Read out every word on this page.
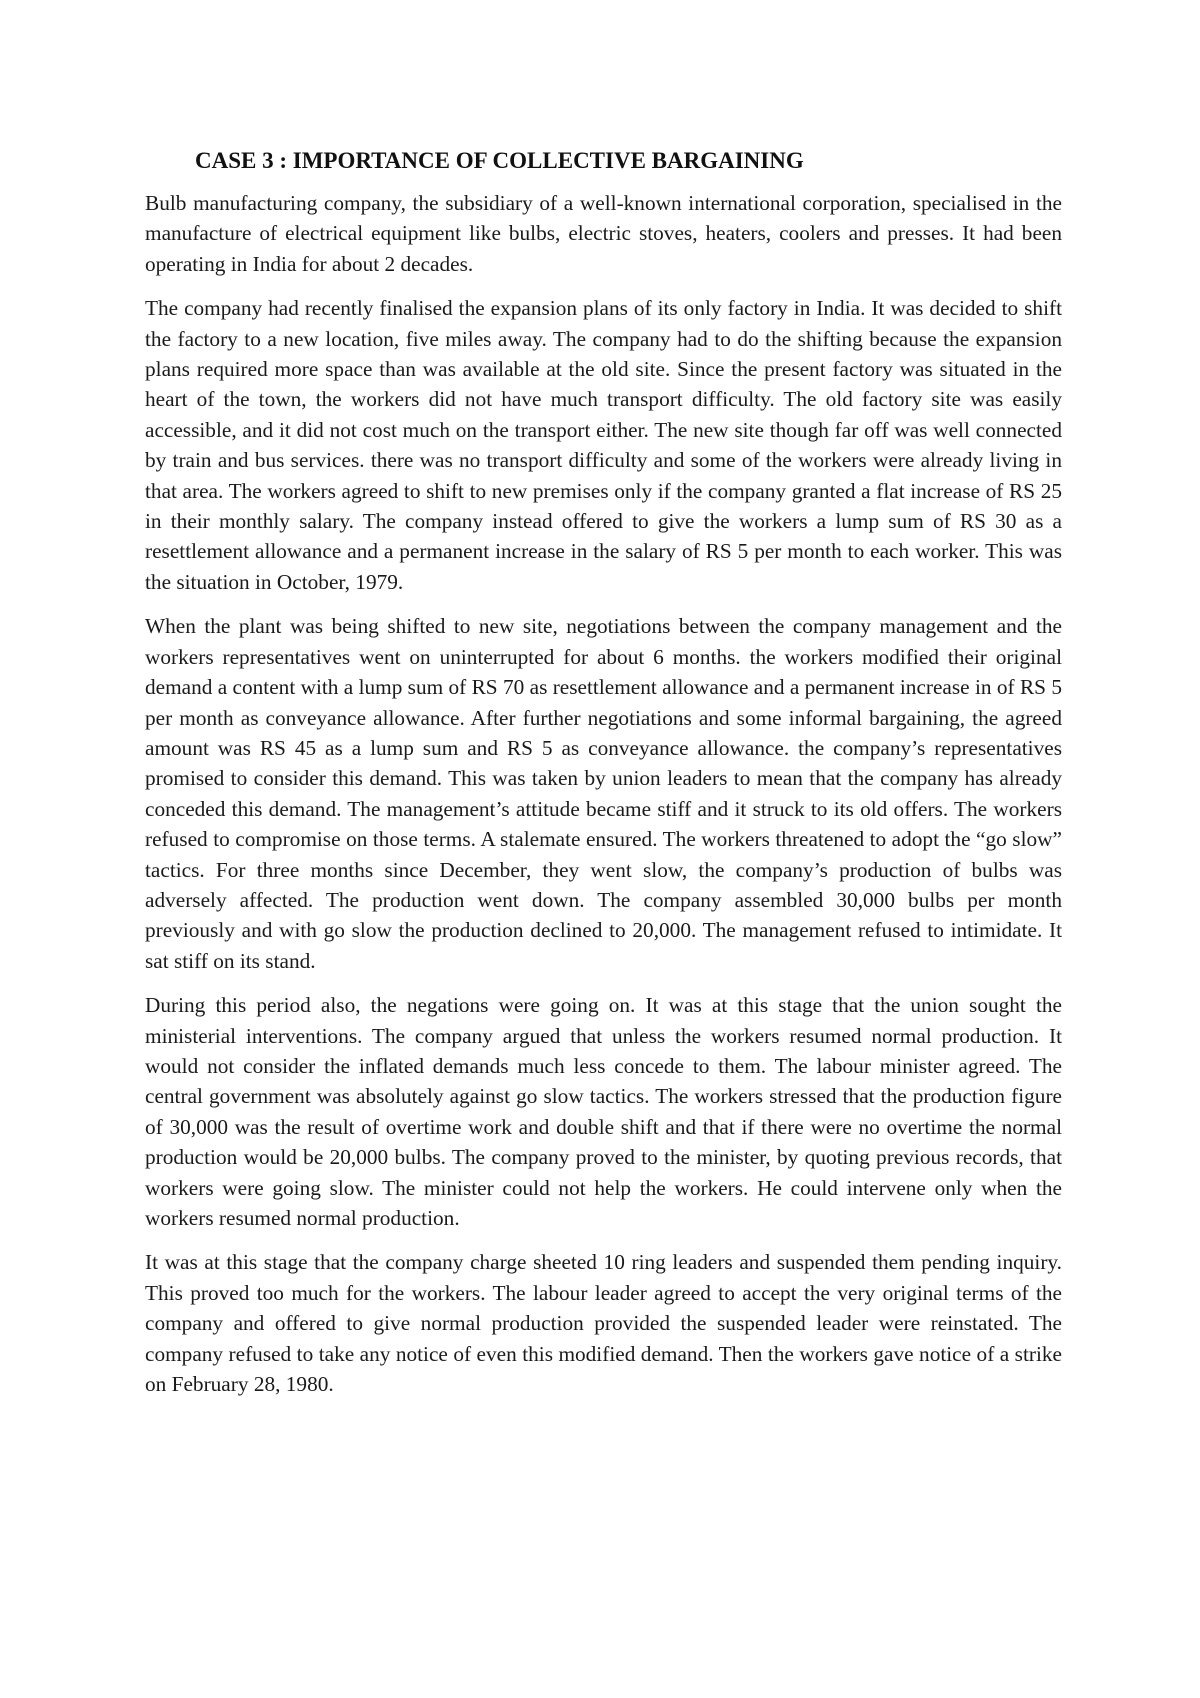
CASE 3 : IMPORTANCE OF COLLECTIVE BARGAINING

Bulb manufacturing company, the subsidiary of a well-known international corporation, specialised in the manufacture of electrical equipment like bulbs, electric stoves, heaters, coolers and presses. It had been operating in India for about 2 decades.

The company had recently finalised the expansion plans of its only factory in India. It was decided to shift the factory to a new location, five miles away. The company had to do the shifting because the expansion plans required more space than was available at the old site. Since the present factory was situated in the heart of the town, the workers did not have much transport difficulty. The old factory site was easily accessible, and it did not cost much on the transport either. The new site though far off was well connected by train and bus services. there was no transport difficulty and some of the workers were already living in that area. The workers agreed to shift to new premises only if the company granted a flat increase of RS 25 in their monthly salary. The company instead offered to give the workers a lump sum of RS 30 as a resettlement allowance and a permanent increase in the salary of RS 5 per month to each worker. This was the situation in October, 1979.

When the plant was being shifted to new site, negotiations between the company management and the workers representatives went on uninterrupted for about 6 months. the workers modified their original demand a content with a lump sum of RS 70 as resettlement allowance and a permanent increase in of RS 5 per month as conveyance allowance. After further negotiations and some informal bargaining, the agreed amount was RS 45 as a lump sum and RS 5 as conveyance allowance. the company’s representatives promised to consider this demand. This was taken by union leaders to mean that the company has already conceded this demand. The management’s attitude became stiff and it struck to its old offers. The workers refused to compromise on those terms. A stalemate ensured. The workers threatened to adopt the “go slow” tactics. For three months since December, they went slow, the company’s production of bulbs was adversely affected. The production went down. The company assembled 30,000 bulbs per month previously and with go slow the production declined to 20,000. The management refused to intimidate. It sat stiff on its stand.

During this period also, the negations were going on. It was at this stage that the union sought the ministerial interventions. The company argued that unless the workers resumed normal production. It would not consider the inflated demands much less concede to them. The labour minister agreed. The central government was absolutely against go slow tactics. The workers stressed that the production figure of 30,000 was the result of overtime work and double shift and that if there were no overtime the normal production would be 20,000 bulbs. The company proved to the minister, by quoting previous records, that workers were going slow. The minister could not help the workers. He could intervene only when the workers resumed normal production.

It was at this stage that the company charge sheeted 10 ring leaders and suspended them pending inquiry. This proved too much for the workers. The labour leader agreed to accept the very original terms of the company and offered to give normal production provided the suspended leader were reinstated. The company refused to take any notice of even this modified demand. Then the workers gave notice of a strike on February 28, 1980.
